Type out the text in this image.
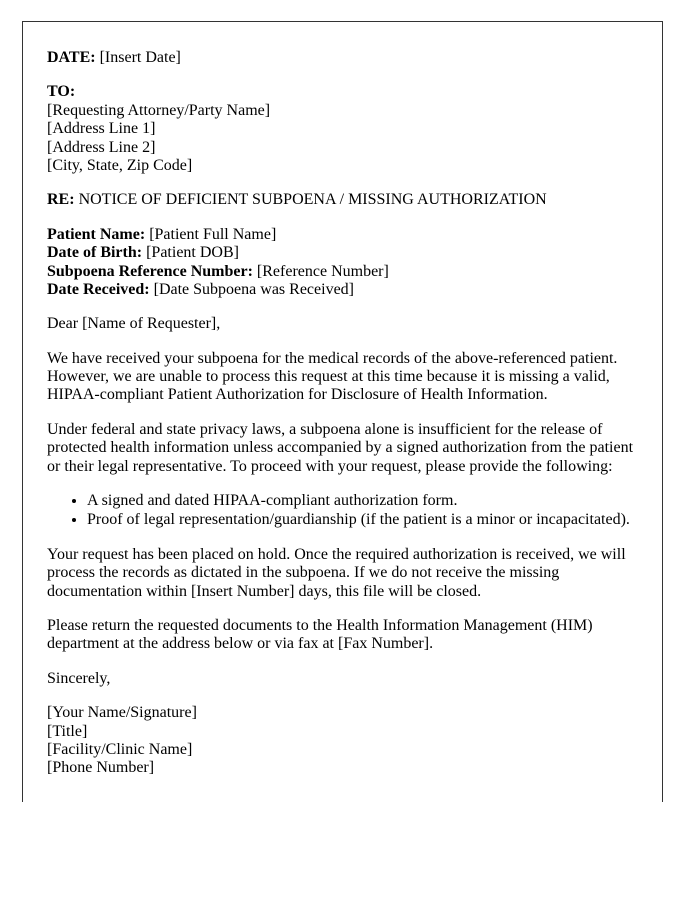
DATE: [Insert Date]

TO:
[Requesting Attorney/Party Name]
[Address Line 1]
[Address Line 2]
[City, State, Zip Code]

RE: NOTICE OF DEFICIENT SUBPOENA / MISSING AUTHORIZATION

Patient Name: [Patient Full Name]
Date of Birth: [Patient DOB]
Subpoena Reference Number: [Reference Number]
Date Received: [Date Subpoena was Received]

Dear [Name of Requester],

We have received your subpoena for the medical records of the above-referenced patient. However, we are unable to process this request at this time because it is missing a valid, HIPAA-compliant Patient Authorization for Disclosure of Health Information.

Under federal and state privacy laws, a subpoena alone is insufficient for the release of protected health information unless accompanied by a signed authorization from the patient or their legal representative. To proceed with your request, please provide the following:

• A signed and dated HIPAA-compliant authorization form.
• Proof of legal representation/guardianship (if the patient is a minor or incapacitated).

Your request has been placed on hold. Once the required authorization is received, we will process the records as dictated in the subpoena. If we do not receive the missing documentation within [Insert Number] days, this file will be closed.

Please return the requested documents to the Health Information Management (HIM) department at the address below or via fax at [Fax Number].

Sincerely,

[Your Name/Signature]
[Title]
[Facility/Clinic Name]
[Phone Number]
